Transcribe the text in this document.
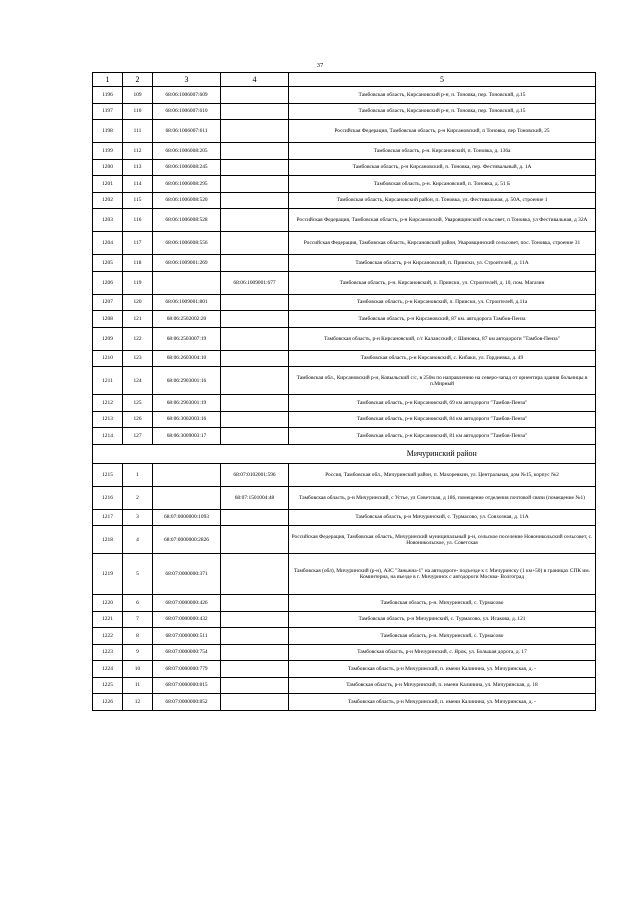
37
1	2	3	4	5
1196	109	68:06:1006007:609		Тамбовская область, Кирсановский р-н, п. Тоновка, пер. Тоновский, д.15
1197	110	68:06:1006007:610		Тамбовская область, Кирсановский р-н, п. Тоновка, пер. Тоновский, д.15
1198	111	68:06:1006007:611		Российская Федерация, Тамбовская область, р-н Кирсановский, п Тоновка, пер Тоновский, 25
1199	112	68:06:1006008:205		Тамбовская область, р-н. Кирсановский, п. Тоновка, д. 136а
1200	113	68:06:1006008:245		Тамбовская область, р-н Кирсановский, п. Тоновка, пер. Фестивальный, д. 1А
1201	114	68:06:1006008:295		Тамбовская область, р-н. Кирсановский, п. Тоновка, д. 51 Б
1202	115	68:06:1006008:520		Тамбовская область, Кирсановский район, п. Тоновка, ул. Фестивальная, д. 50А, строение 1
1203	116	68:06:1006008:528		Российская Федерация, Тамбовская область, р-н Кирсановский, Уваровщинский сельсовет, п Тоновка, ул Фестивальная, д 32А
1204	117	68:06:1006008:556		Российская Федерация, Тамбовская область, Кирсановский район, Уваровщинский сельсовет, пос. Тоновка, строение 31
1205	118	68:06:1009001:269		Тамбовская область, р-н Кирсановский, п. Прииски, ул. Строителей, д. 11А
1206	119		68:06:1009001:677	Тамбовская область, р-н. Кирсановский, п. Прииски, ул. Строителей, д. 10, пом. Магазин
1207	120	68:06:1009001:801		Тамбовская область, р-н Кирсановский, п. Прииски, ул. Строителей, д.11а
1208	121	68:06:2502002:20		Тамбовская область, р-н Кирсановский, 87 км. автодорога Тамбов-Пенза
1209	122	68:06:2503007:19		Тамбовская область, р-н Кирсановский, с/с Калаисский, с Шиновка, 87 км автодороги "Тамбов-Пенза"
1210	123	68:06:2603004:10		Тамбовская область, р-н Кирсановский, с. Кибаки, ул. Гордиевка, д. 49
1211	124	68:06:2903001:16		Тамбовская обл., Кирсановский р-н, Ковыльский с/с, в 250м по направлению на северо-запад от ориентира здания больницы в п.Мирный
1212	125	68:06:2903001:19		Тамбовская область, р-н Кирсановский, 69 км автодороги "Тамбов-Пенза"
1213	126	68:06:3002003:16		Тамбовская область, р-н Кирсановский, 84 км автодороги "Тамбов-Пенза"
1214	127	68:06:3009003:17		Тамбовская область, р-н Кирсановский, 81 км автодороги "Тамбов-Пенза"
				Мичуринский район
1215	1		68:07:0102001:596	Россия, Тамбовская обл., Мичуринский район, п. Махоревкин, ул. Центральная, дом №15, корпус №2
1216	2		68:07:1501004:48	Тамбовская область, р-н Мичуринский, с Устье, ул Советская, д 186, помещение отделения почтовой связи (помещение №1)
1217	3	68:07:0000000:1093		Тамбовская область, р-н Мичуринский, с. Турмасово, ул. Совхозная, д. 11А
1218	4	68:07:0000000:2826		Российская Федерация, Тамбовская область, Мичуринский муниципальный р-н, сельское поселение Новоникольский сельсовет, с. Новоникольское, ул. Советская
1219	5	68:07:0000000:371		Тамбовская (обл), Мичуринский (р-н), АЗС "Заньжна-1" на автодороге- подъезде к г. Мичуринску (1 км+50) в границах СПК им. Коминтерна, на въезде в г. Мичуринск с автодороги Москва- Волгоград
1220	6	68:07:0000000:426		Тамбовская область, р-н. Мичуринский, с. Турмасово
1221	7	68:07:0000000:432		Тамбовская область, р-н Мичуринский, с. Турмасово, ул. Исакова, д. 121
1222	8	68:07:0000000:511		Тамбовская область, р-н. Мичуринский, с. Турмасово
1223	9	68:07:0000000:754		Тамбовская область, р-н Мичуринский, с. Ярок, ул. Большая дорога, д. 17
1224	10	68:07:0000000:779		Тамбовская область, р-н Мичуринский, п. имени Калинина, ул. Мичуринская, д. -
1225	11	68:07:0000000:815		Тамбовская область, р-н Мичуринский, п. имени Калинина, ул. Мичуринская, д. 18
1226	12	68:07:0000000:852		Тамбовская область, р-н Мичуринский, п. имени Калинина, ул. Мичуринская, д. -
